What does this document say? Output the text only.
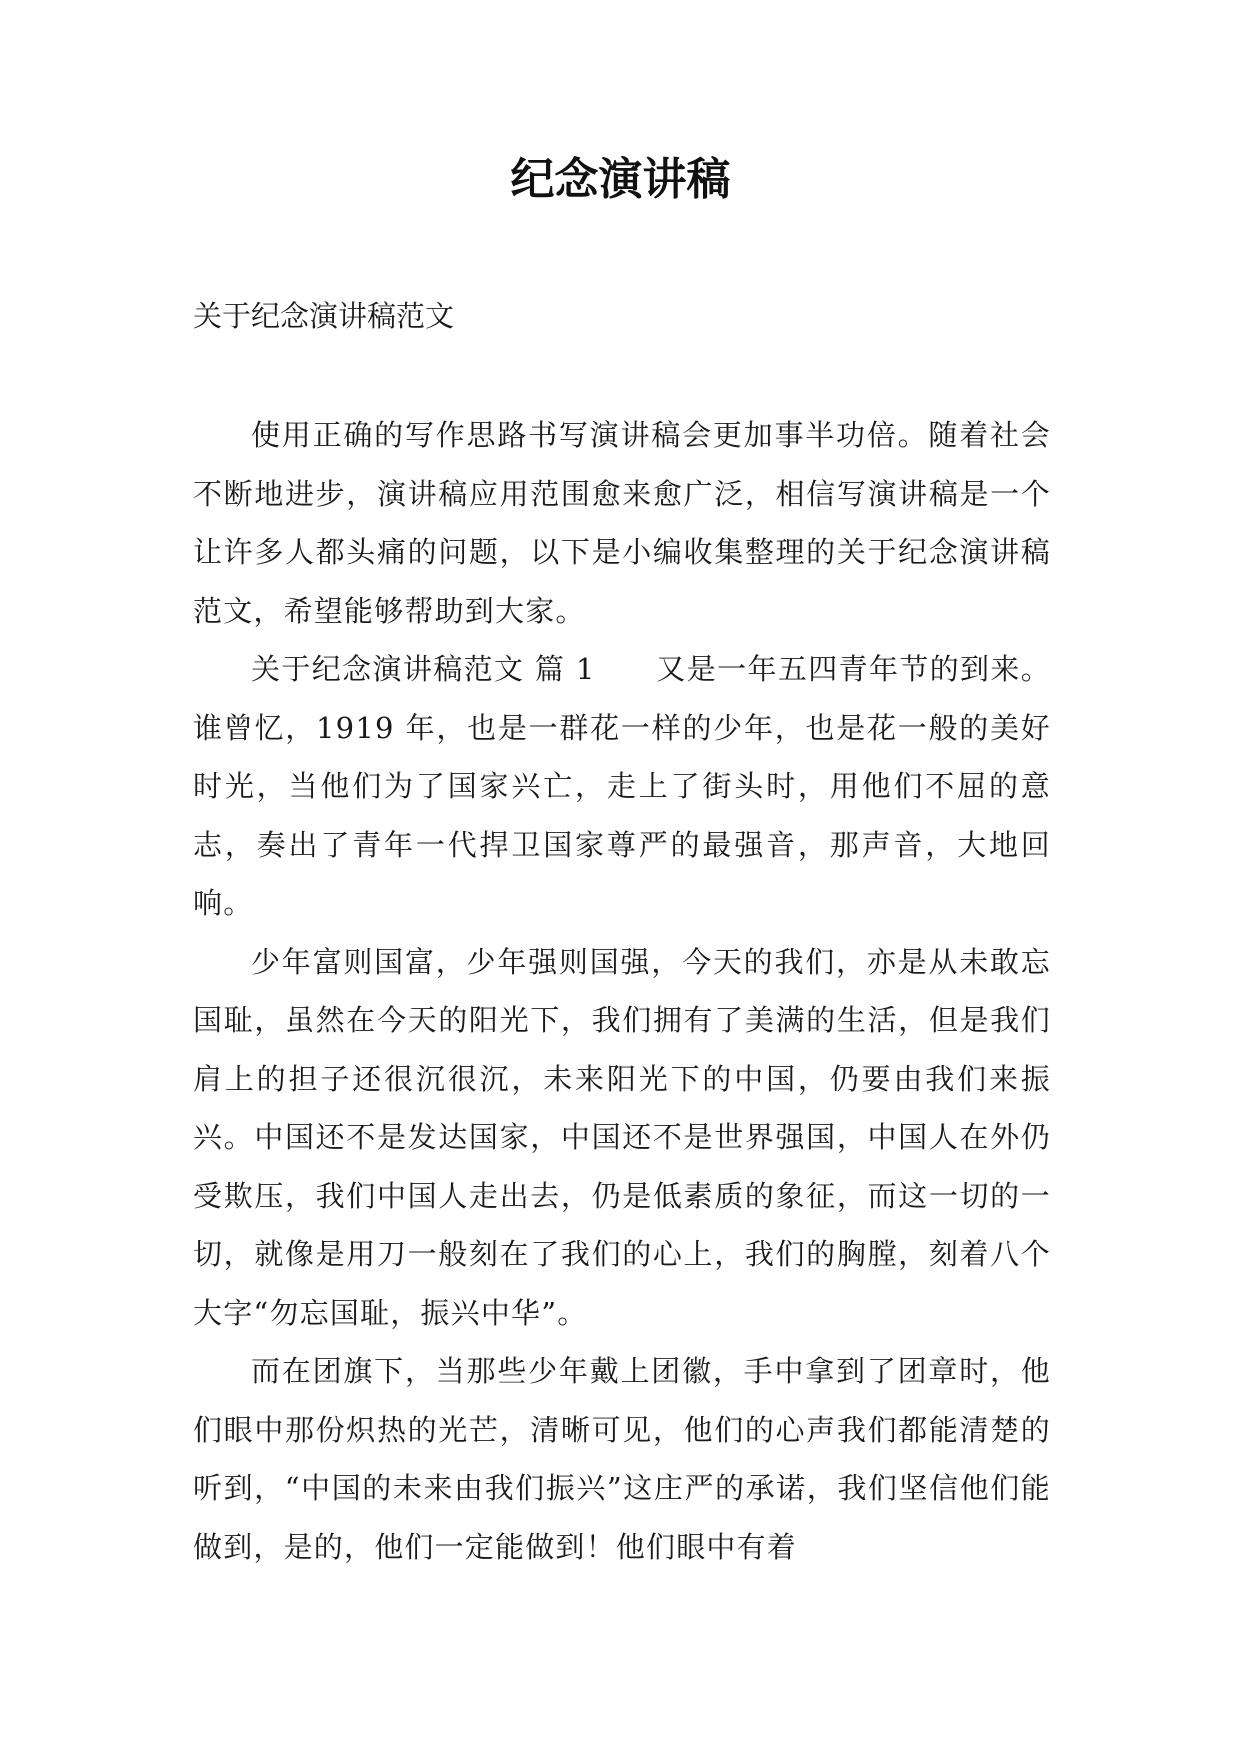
纪念演讲稿

关于纪念演讲稿范文

使用正确的写作思路书写演讲稿会更加事半功倍。随着社会不断地进步，演讲稿应用范围愈来愈广泛，相信写演讲稿是一个让许多人都头痛的问题，以下是小编收集整理的关于纪念演讲稿范文，希望能够帮助到大家。

关于纪念演讲稿范文 篇 1　　又是一年五四青年节的到来。谁曾忆，1919 年，也是一群花一样的少年，也是花一般的美好时光，当他们为了国家兴亡，走上了街头时，用他们不屈的意志，奏出了青年一代捍卫国家尊严的最强音，那声音，大地回响。

少年富则国富，少年强则国强，今天的我们，亦是从未敢忘国耻，虽然在今天的阳光下，我们拥有了美满的生活，但是我们肩上的担子还很沉很沉，未来阳光下的中国，仍要由我们来振兴。中国还不是发达国家，中国还不是世界强国，中国人在外仍受欺压，我们中国人走出去，仍是低素质的象征，而这一切的一切，就像是用刀一般刻在了我们的心上，我们的胸膛，刻着八个大字“勿忘国耻，振兴中华”。

而在团旗下，当那些少年戴上团徽，手中拿到了团章时，他们眼中那份炽热的光芒，清晰可见，他们的心声我们都能清楚的听到，“中国的未来由我们振兴”这庄严的承诺，我们坚信他们能做到，是的，他们一定能做到！他们眼中有着
